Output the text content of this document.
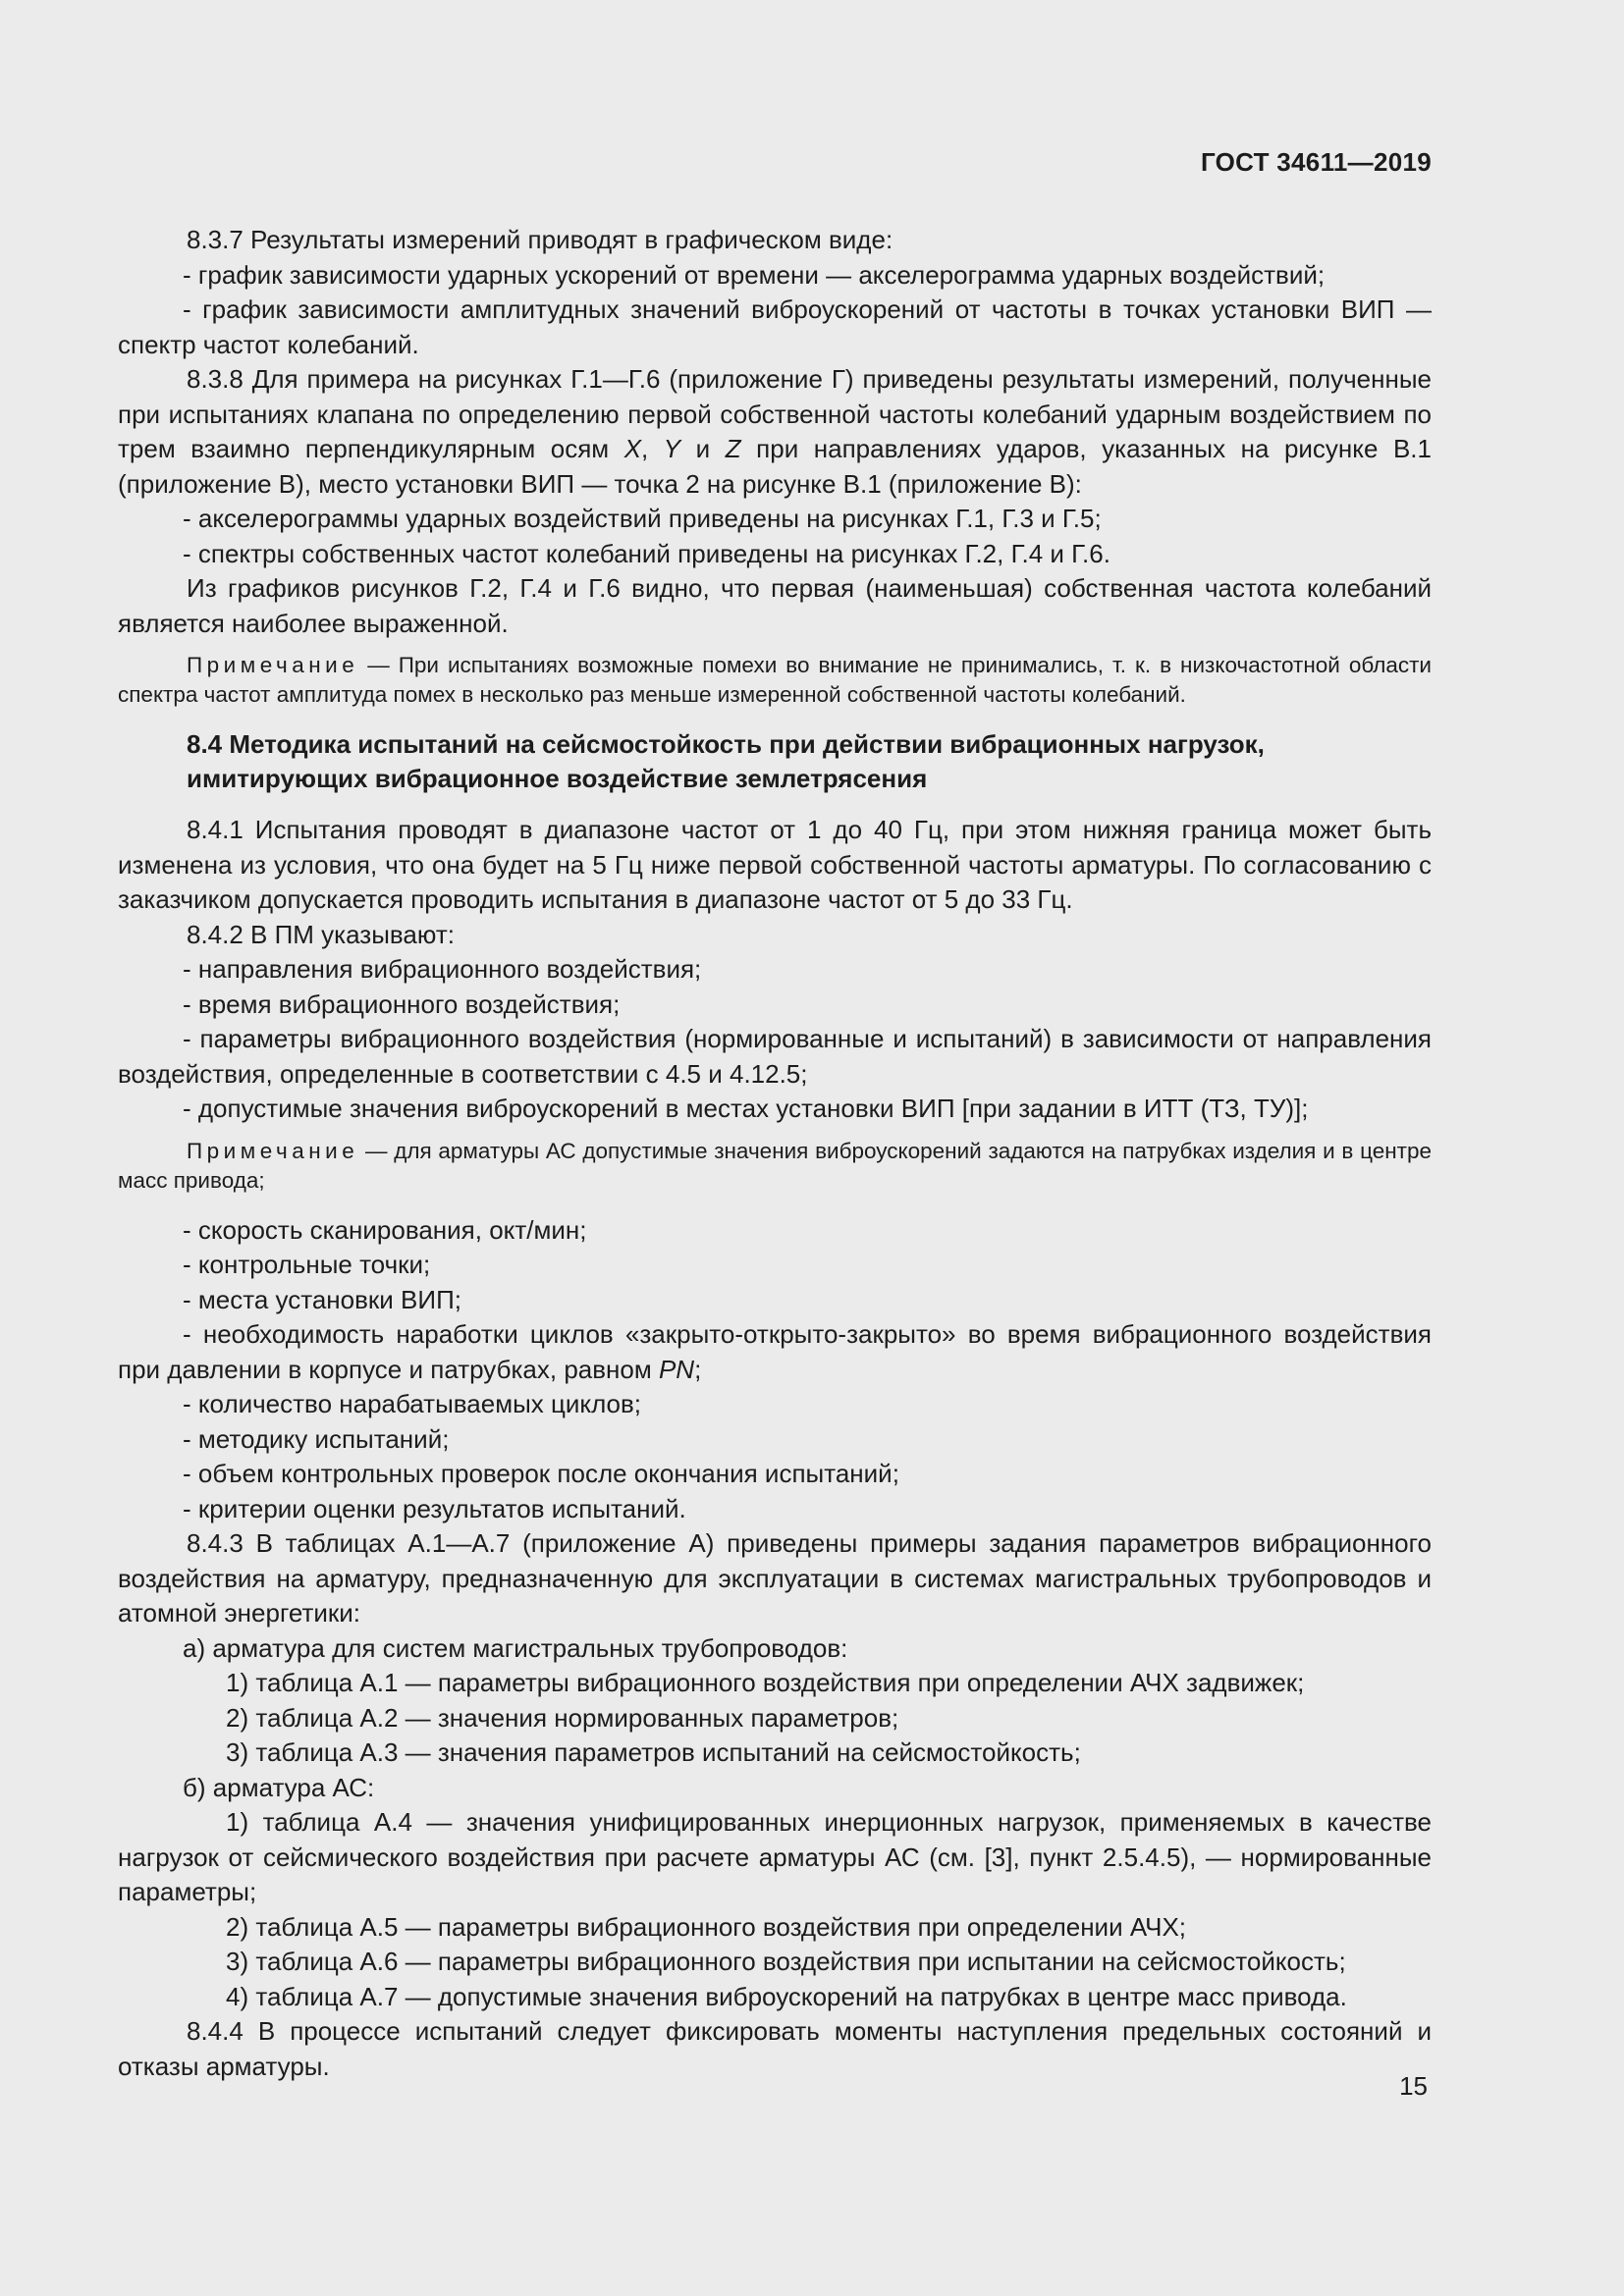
ГОСТ 34611—2019

8.3.7 Результаты измерений приводят в графическом виде:

- график зависимости ударных ускорений от времени — акселерограмма ударных воздействий;

- график зависимости амплитудных значений виброускорений от частоты в точках установки ВИП — спектр частот колебаний.

8.3.8 Для примера на рисунках Г.1—Г.6 (приложение Г) приведены результаты измерений, полученные при испытаниях клапана по определению первой собственной частоты колебаний ударным воздействием по трем взаимно перпендикулярным осям X, Y и Z при направлениях ударов, указанных на рисунке В.1 (приложение В), место установки ВИП — точка 2 на рисунке В.1 (приложение В):

- акселерограммы ударных воздействий приведены на рисунках Г.1, Г.3 и Г.5;

- спектры собственных частот колебаний приведены на рисунках Г.2, Г.4 и Г.6.

Из графиков рисунков Г.2, Г.4 и Г.6 видно, что первая (наименьшая) собственная частота колебаний является наиболее выраженной.

Примечание — При испытаниях возможные помехи во внимание не принимались, т. к. в низкочастотной области спектра частот амплитуда помех в несколько раз меньше измеренной собственной частоты колебаний.

8.4 Методика испытаний на сейсмостойкость при действии вибрационных нагрузок,
имитирующих вибрационное воздействие землетрясения

8.4.1 Испытания проводят в диапазоне частот от 1 до 40 Гц, при этом нижняя граница может быть изменена из условия, что она будет на 5 Гц ниже первой собственной частоты арматуры. По согласованию с заказчиком допускается проводить испытания в диапазоне частот от 5 до 33 Гц.

8.4.2 В ПМ указывают:

- направления вибрационного воздействия;

- время вибрационного воздействия;

- параметры вибрационного воздействия (нормированные и испытаний) в зависимости от направления воздействия, определенные в соответствии с 4.5 и 4.12.5;

- допустимые значения виброускорений в местах установки ВИП [при задании в ИТТ (ТЗ, ТУ)];

Примечание — для арматуры АС допустимые значения виброускорений задаются на патрубках изделия и в центре масс привода;

- скорость сканирования, окт/мин;

- контрольные точки;

- места установки ВИП;

- необходимость наработки циклов «закрыто-открыто-закрыто» во время вибрационного воздействия при давлении в корпусе и патрубках, равном PN;

- количество нарабатываемых циклов;

- методику испытаний;

- объем контрольных проверок после окончания испытаний;

- критерии оценки результатов испытаний.

8.4.3 В таблицах А.1—А.7 (приложение А) приведены примеры задания параметров вибрационного воздействия на арматуру, предназначенную для эксплуатации в системах магистральных трубопроводов и атомной энергетики:

а) арматура для систем магистральных трубопроводов:

1) таблица А.1 — параметры вибрационного воздействия при определении АЧХ задвижек;

2) таблица А.2 — значения нормированных параметров;

3) таблица А.3 — значения параметров испытаний на сейсмостойкость;

б) арматура АС:

1) таблица А.4 — значения унифицированных инерционных нагрузок, применяемых в качестве нагрузок от сейсмического воздействия при расчете арматуры АС (см. [3], пункт 2.5.4.5), — нормированные параметры;

2) таблица А.5 — параметры вибрационного воздействия при определении АЧХ;

3) таблица А.6 — параметры вибрационного воздействия при испытании на сейсмостойкость;

4) таблица А.7 — допустимые значения виброускорений на патрубках в центре масс привода.

8.4.4 В процессе испытаний следует фиксировать моменты наступления предельных состояний и отказы арматуры.

15
